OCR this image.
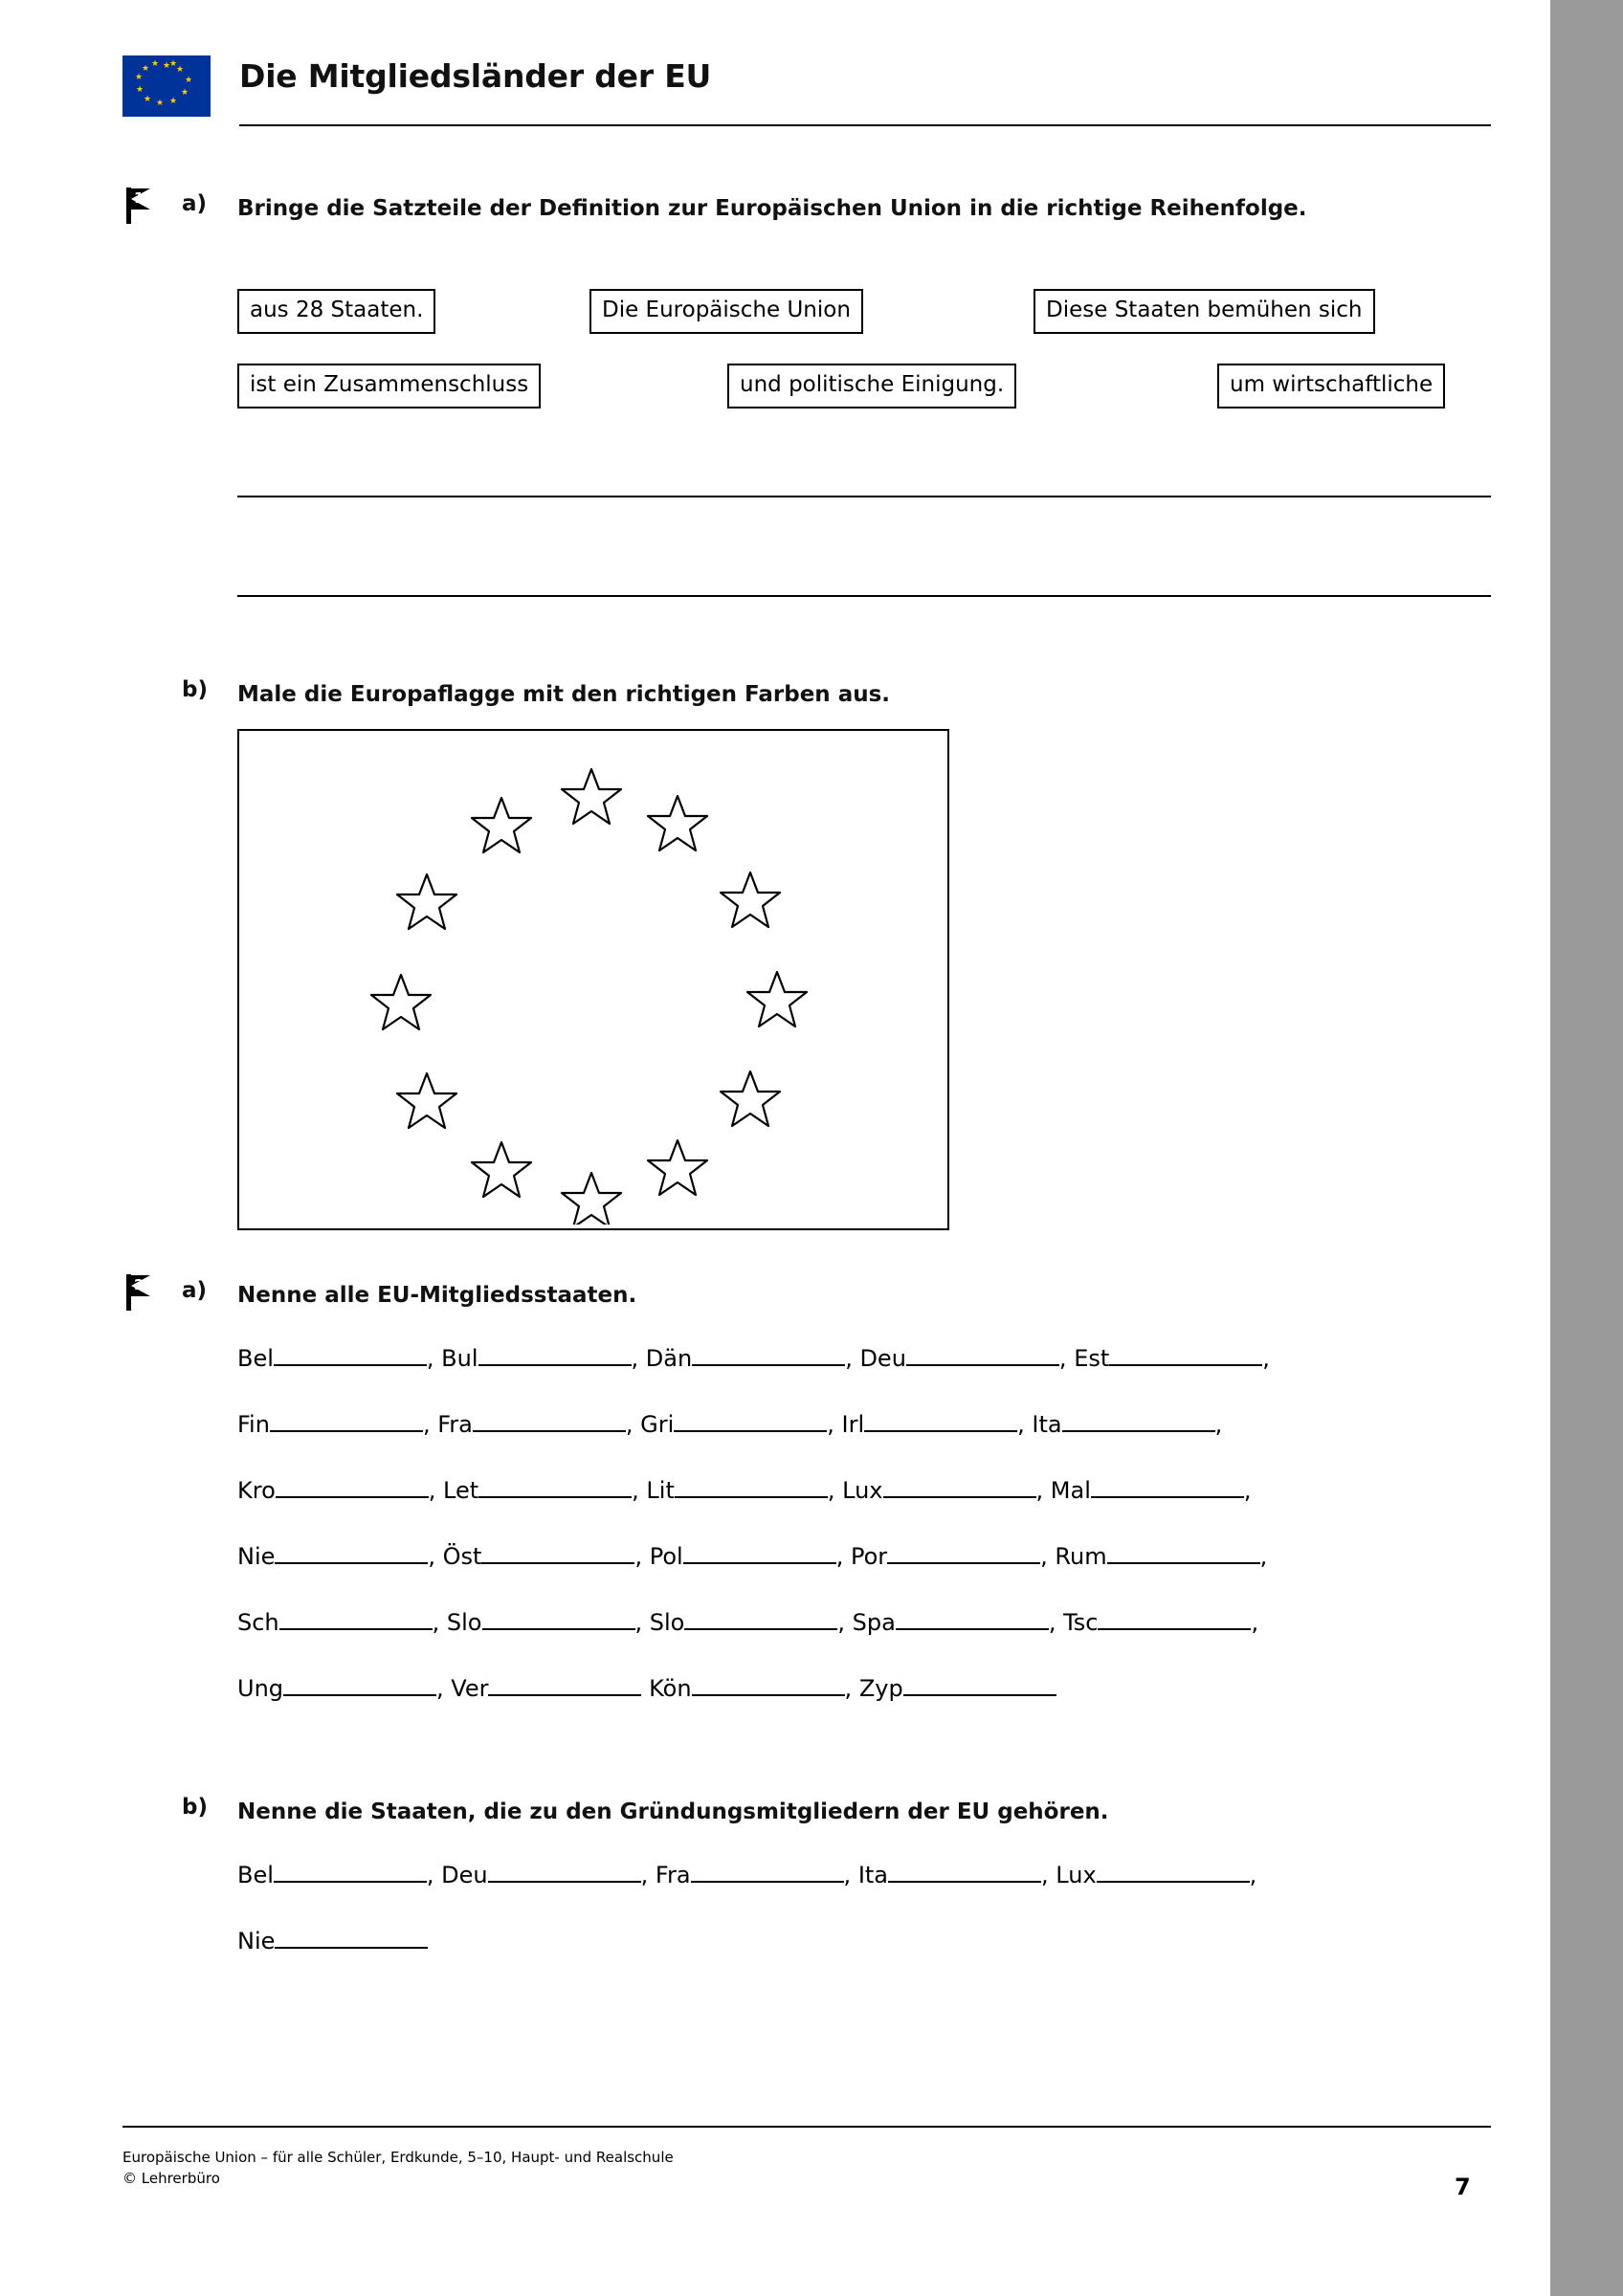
★ ★
★
★
★
★
★
★
★
★ ★ ★ Die Mitgliedsländer der EU
1 a) Bringe die Satzteile der Definition zur Europäischen Union in die richtige Reihenfolge.
aus 28 Staaten.	Die Europäische Union	Diese Staaten bemühen sich
ist ein Zusammenschluss	und politische Einigung.	um wirtschaftliche
b) Male die Europaflagge mit den richtigen Farben aus.
2 a) Nenne alle EU-Mitgliedsstaaten.
Bel	, Bul	, Dän	, Deu	, Est	,
Fin	, Fra	, Gri	, Irl	, Ita	,
Kro	, Let	, Lit	, Lux	, Mal	,
Nie	, Öst	, Pol	, Por	, Rum	,
Sch	, Slo	, Slo	, Spa	, Tsc	,
Ung	, Ver	Kön	, Zyp
b) Nenne die Staaten, die zu den Gründungsmitgliedern der EU gehören.
Bel	, Deu	, Fra	, Ita	, Lux	,
Nie
Europäische Union – für alle Schüler, Erdkunde, 5–10, Haupt- und Realschule
© Lehrerbüro	7
